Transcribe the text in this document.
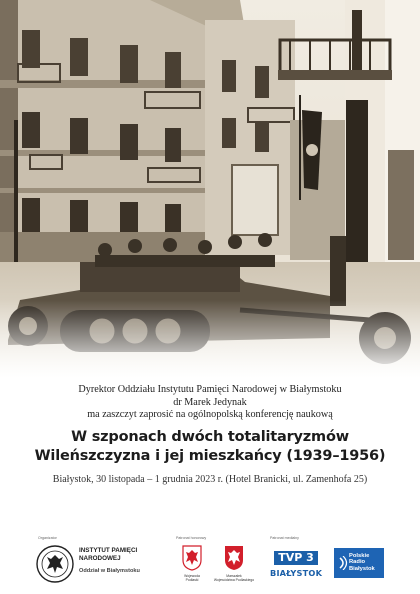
Dyrektor Oddziału Instytutu Pamięci Narodowej w Białymstoku
dr Marek Jedynak
ma zaszczyt zaprosić na ogólnopolską konferencję naukową
W szponach dwóch totalitaryzmów
Wileńszczyzna i jej mieszkańcy (1939–1956)
Białystok, 30 listopada – 1 grudnia 2023 r. (Hotel Branicki, ul. Zamenhofa 25)
Organizator
INSTYTUT PAMIĘCI
NARODOWEJ
Oddział w Białymstoku
Patronat honorowy
Wojewoda
Podlaski
Marszałek
Województwa Podlaskiego
Patronat medialny
TVP 3
BIAŁYSTOK
Polskie
Radio
Białystok
